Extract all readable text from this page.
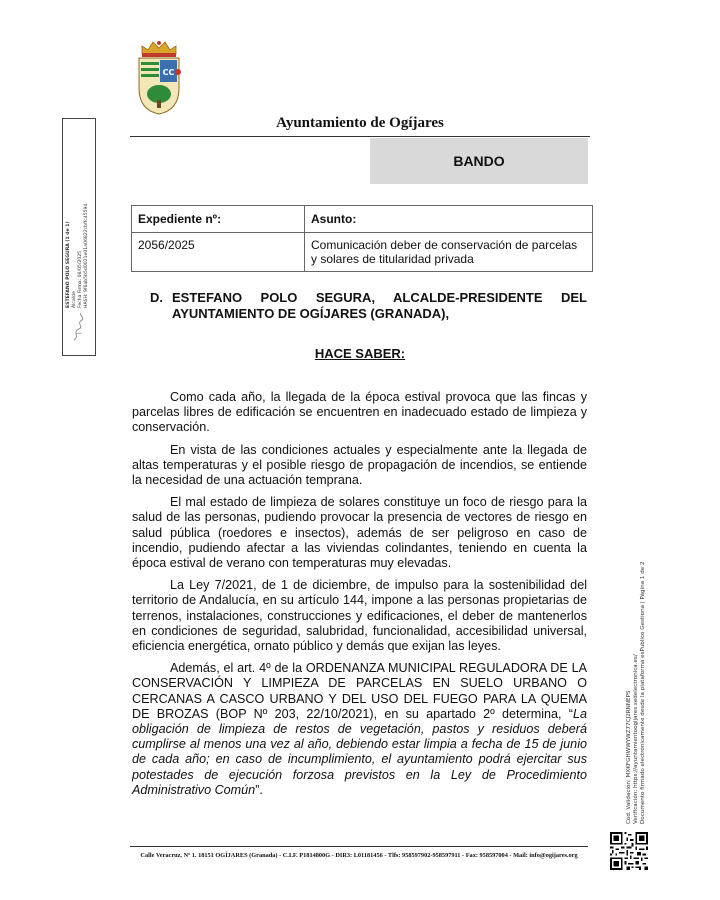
CC
Ayuntamiento de Ogíjares
BANDO
Expediente nº:	Asunto:
2056/2025	Comunicación deber de conservación de parcelas y solares de titularidad privada
D. ESTEFANO POLO SEGURA, ALCALDE-PRESIDENTE DEL AYUNTAMIENTO DE OGÍJARES (GRANADA),
HACE SABER:

Como cada año, la llegada de la época estival provoca que las fincas y parcelas libres de edificación se encuentren en inadecuado estado de limpieza y conservación.

En vista de las condiciones actuales y especialmente ante la llegada de altas temperaturas y el posible riesgo de propagación de incendios, se entiende la necesidad de una actuación temprana.

El mal estado de limpieza de solares constituye un foco de riesgo para la salud de las personas, pudiendo provocar la presencia de vectores de riesgo en salud pública (roedores e insectos), además de ser peligroso en caso de incendio, pudiendo afectar a las viviendas colindantes, teniendo en cuenta la época estival de verano con temperaturas muy elevadas.

La Ley 7/2021, de 1 de diciembre, de impulso para la sostenibilidad del territorio de Andalucía, en su artículo 144, impone a las personas propietarias de terrenos, instalaciones, construcciones y edificaciones, el deber de mantenerlos en condiciones de seguridad, salubridad, funcionalidad, accesibilidad universal, eficiencia energética, ornato público y demás que exijan las leyes.

Además, el art. 4º de la ORDENANZA MUNICIPAL REGULADORA DE LA CONSERVACIÓN Y LIMPIEZA DE PARCELAS EN SUELO URBANO O CERCANAS A CASCO URBANO Y DEL USO DEL FUEGO PARA LA QUEMA DE BROZAS (BOP Nº 203, 22/10/2021), en su apartado 2º determina, “La obligación de limpieza de restos de vegetación, pastos y residuos deberá cumplirse al menos una vez al año, debiendo estar limpia a fecha de 15 de junio de cada año; en caso de incumplimiento, el ayuntamiento podrá ejercitar sus potestades de ejecución forzosa previstos en la Ley de Procedimiento Administrativo Común”.

Calle Veracruz, Nº 1. 18151 OGÍJARES (Granada) - C.I.F. P1814800G - DIR3: L01181456 - Tlfs: 958597902-958597911 - Fax: 958597004 - Mail: info@ogijares.org
ESTEFANO POLO SEGURA (1 de 1) Alcalde Fecha Firma: 06/05/2025 HASH: 9f6ab5b5d0021e01a06822cbffc45594
Cód. Validación: MXKFGHWWYWZ77CJ2RNNEPS Verificación: https://ayuntamientoogijares.sedelectronica.es/ Documento firmado electrónicamente desde la plataforma esPublico Gestiona | Página 1 de 2
